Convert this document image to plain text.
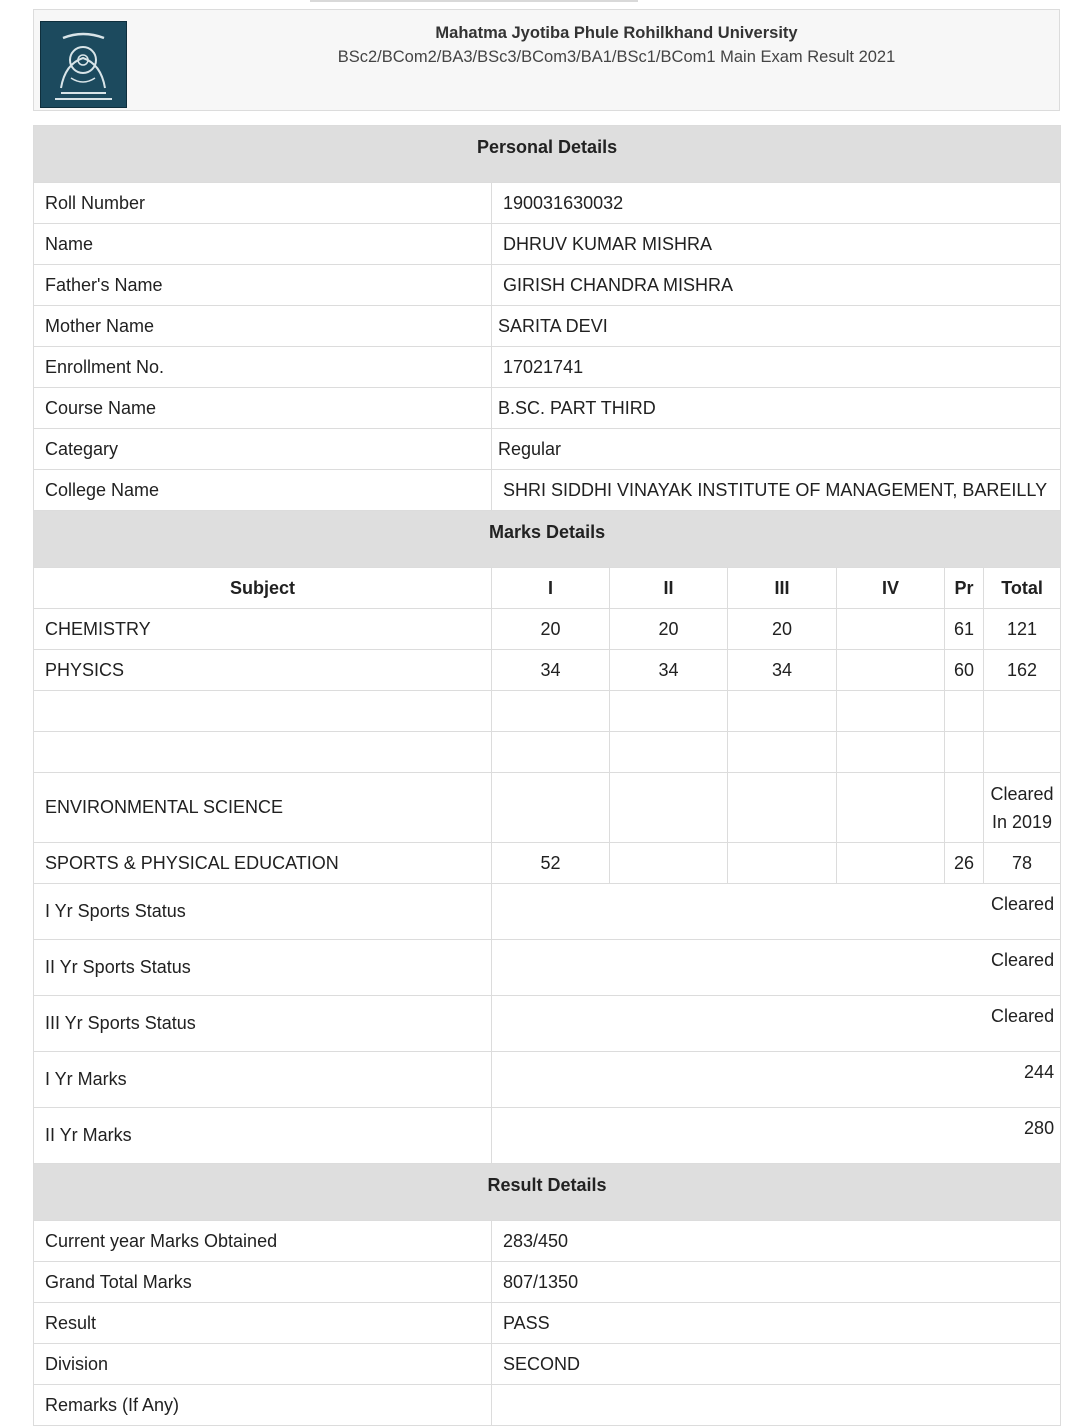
Mahatma Jyotiba Phule Rohilkhand University
BSc2/BCom2/BA3/BSc3/BCom3/BA1/BSc1/BCom1 Main Exam Result 2021
Personal Details						
Roll Number	190031630032					
Name	DHRUV KUMAR MISHRA					
Father's Name	GIRISH CHANDRA MISHRA					
Mother Name	SARITA DEVI					
Enrollment No.	17021741					
Course Name	B.SC. PART THIRD					
Categary	Regular					
College Name	SHRI SIDDHI VINAYAK INSTITUTE OF MANAGEMENT, BAREILLY					
Marks Details						
Subject	I	II	III	IV	Pr	Total
CHEMISTRY	20	20	20		61	121
PHYSICS	34	34	34		60	162

ENVIRONMENTAL SCIENCE						Cleared In 2019
SPORTS & PHYSICAL EDUCATION	52				26	78
I Yr Sports Status	Cleared					
II Yr Sports Status	Cleared					
III Yr Sports Status	Cleared					
I Yr Marks	244					
II Yr Marks	280					
Result Details						
Current year Marks Obtained	283/450					
Grand Total Marks	807/1350					
Result	PASS					
Division	SECOND					
Remarks (If Any)						
